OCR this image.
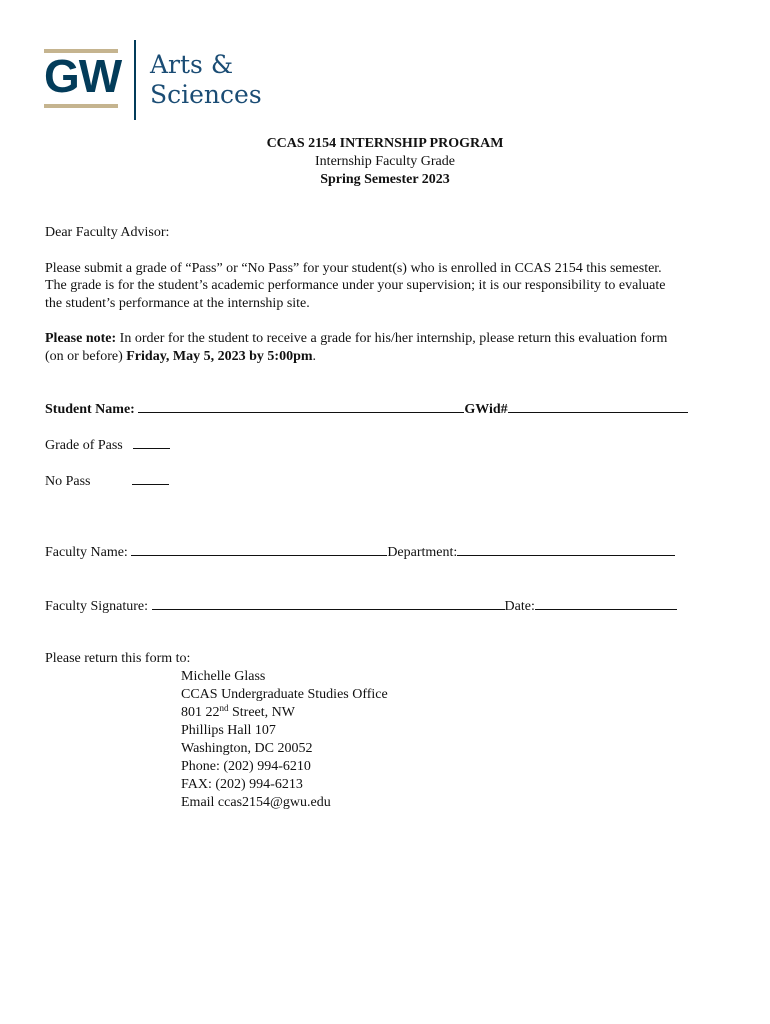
GW Arts &
Sciences
CCAS 2154 INTERNSHIP PROGRAM
Internship Faculty Grade
Spring Semester 2023
Dear Faculty Advisor:
Please submit a grade of “Pass” or “No Pass” for your student(s) who is enrolled in CCAS 2154 this semester.
The grade is for the student’s academic performance under your supervision; it is our responsibility to evaluate
the student’s performance at the internship site.
Please note: In order for the student to receive a grade for his/her internship, please return this evaluation form
(on or before) Friday, May 5, 2023 by 5:00pm.
Student Name:	GWid#
Grade of Pass
No Pass
Faculty Name:	Department:
Faculty Signature:	Date:
Please return this form to:
Michelle Glass
CCAS Undergraduate Studies Office
801 22nd Street, NW
Phillips Hall 107
Washington, DC 20052
Phone: (202) 994-6210
FAX: (202) 994-6213
Email ccas2154@gwu.edu
